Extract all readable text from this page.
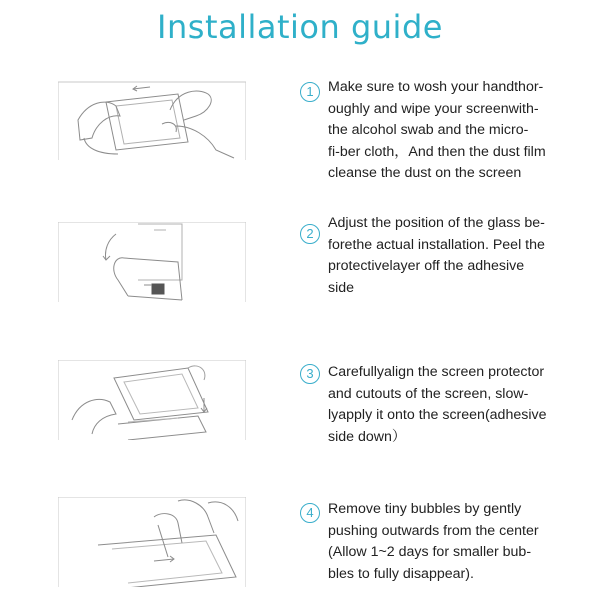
Installation guide
1	Make sure to wosh your handthor-
oughly and wipe your screenwith-
the alcohol swab and the micro-
fi-ber cloth，And then the dust film
cleanse the dust on the screen
2
Adjust the position of the glass be-
forethe actual installation. Peel the
protectivelayer off the adhesive
side
3	Carefullyalign the screen protector
and cutouts of the screen, slow-
lyapply it onto the screen(adhesive
side down）
4	Remove tiny bubbles by gently
pushing outwards from the center
(Allow 1~2 days for smaller bub-
bles to fully disappear).
